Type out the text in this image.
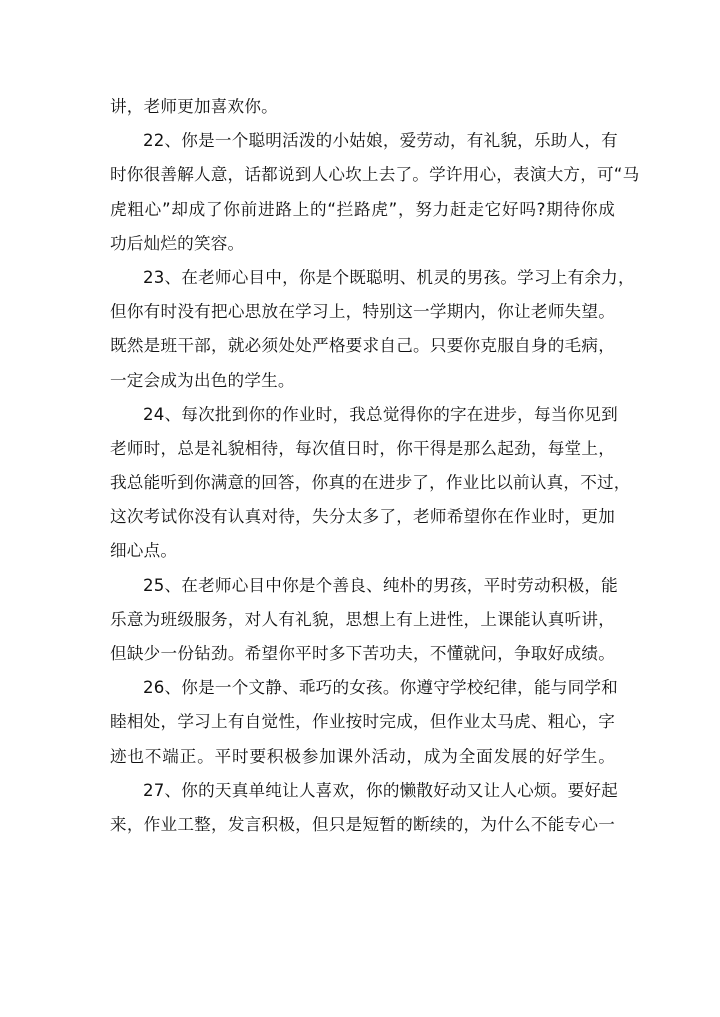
讲，老师更加喜欢你。
22、你是一个聪明活泼的小姑娘，爱劳动，有礼貌，乐助人，有
时你很善解人意，话都说到人心坎上去了。学许用心，表演大方，可“马
虎粗心”却成了你前进路上的“拦路虎”，努力赶走它好吗?期待你成
功后灿烂的笑容。
23、在老师心目中，你是个既聪明、机灵的男孩。学习上有余力，
但你有时没有把心思放在学习上，特别这一学期内，你让老师失望。
既然是班干部，就必须处处严格要求自己。只要你克服自身的毛病，
一定会成为出色的学生。
24、每次批到你的作业时，我总觉得你的字在进步，每当你见到
老师时，总是礼貌相待，每次值日时，你干得是那么起劲，每堂上，
我总能听到你满意的回答，你真的在进步了，作业比以前认真，不过，
这次考试你没有认真对待，失分太多了，老师希望你在作业时，更加
细心点。
25、在老师心目中你是个善良、纯朴的男孩，平时劳动积极，能
乐意为班级服务，对人有礼貌，思想上有上进性，上课能认真听讲，
但缺少一份钻劲。希望你平时多下苦功夫，不懂就问，争取好成绩。
26、你是一个文静、乖巧的女孩。你遵守学校纪律，能与同学和
睦相处，学习上有自觉性，作业按时完成，但作业太马虎、粗心，字
迹也不端正。平时要积极参加课外活动，成为全面发展的好学生。
27、你的天真单纯让人喜欢，你的懒散好动又让人心烦。要好起
来，作业工整，发言积极，但只是短暂的断续的，为什么不能专心一
